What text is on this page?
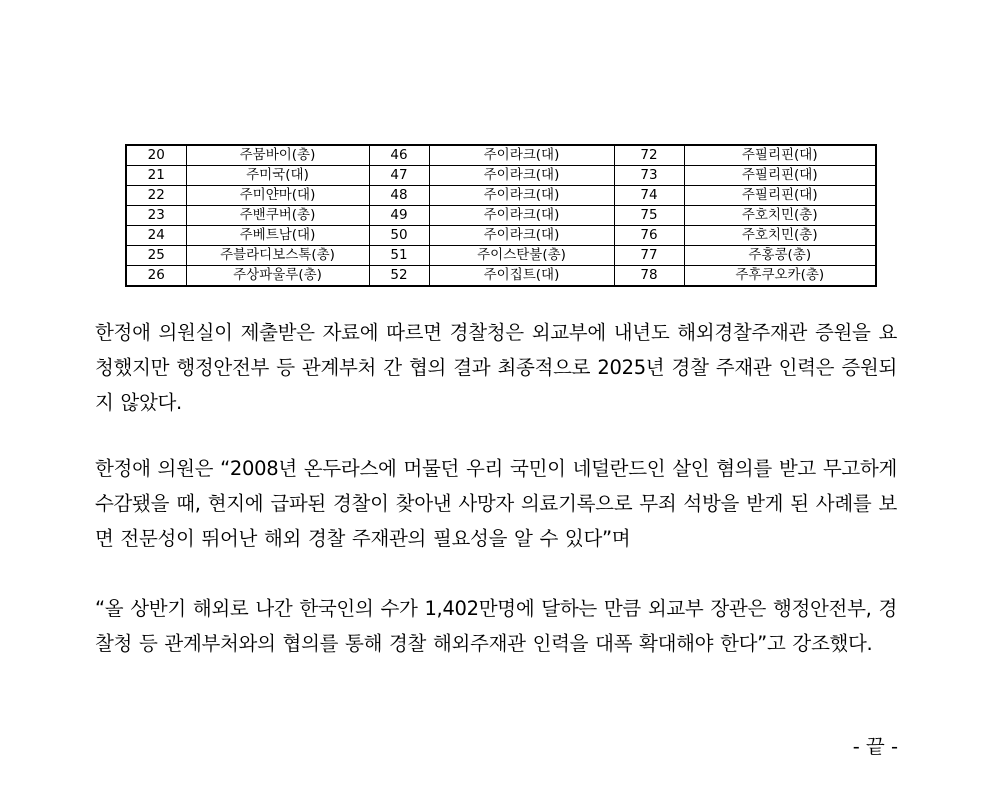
20	주뭄바이(총)	46	주이라크(대)	72	주필리핀(대)
21	주미국(대)	47	주이라크(대)	73	주필리핀(대)
22	주미얀마(대)	48	주이라크(대)	74	주필리핀(대)
23	주밴쿠버(총)	49	주이라크(대)	75	주호치민(총)
24	주베트남(대)	50	주이라크(대)	76	주호치민(총)
25	주블라디보스톡(총)	51	주이스탄불(총)	77	주홍콩(총)
26	주상파울루(총)	52	주이집트(대)	78	주후쿠오카(총)

한정애 의원실이 제출받은 자료에 따르면 경찰청은 외교부에 내년도 해외경찰주재관 증원을 요청했지만 행정안전부 등 관계부처 간 협의 결과 최종적으로 2025년 경찰 주재관 인력은 증원되지 않았다.

한정애 의원은 “2008년 온두라스에 머물던 우리 국민이 네덜란드인 살인 혐의를 받고 무고하게 수감됐을 때, 현지에 급파된 경찰이 찾아낸 사망자 의료기록으로 무죄 석방을 받게 된 사례를 보면 전문성이 뛰어난 해외 경찰 주재관의 필요성을 알 수 있다”며

“올 상반기 해외로 나간 한국인의 수가 1,402만명에 달하는 만큼 외교부 장관은 행정안전부, 경찰청 등 관계부처와의 협의를 통해 경찰 해외주재관 인력을 대폭 확대해야 한다”고 강조했다.

- 끝 -
